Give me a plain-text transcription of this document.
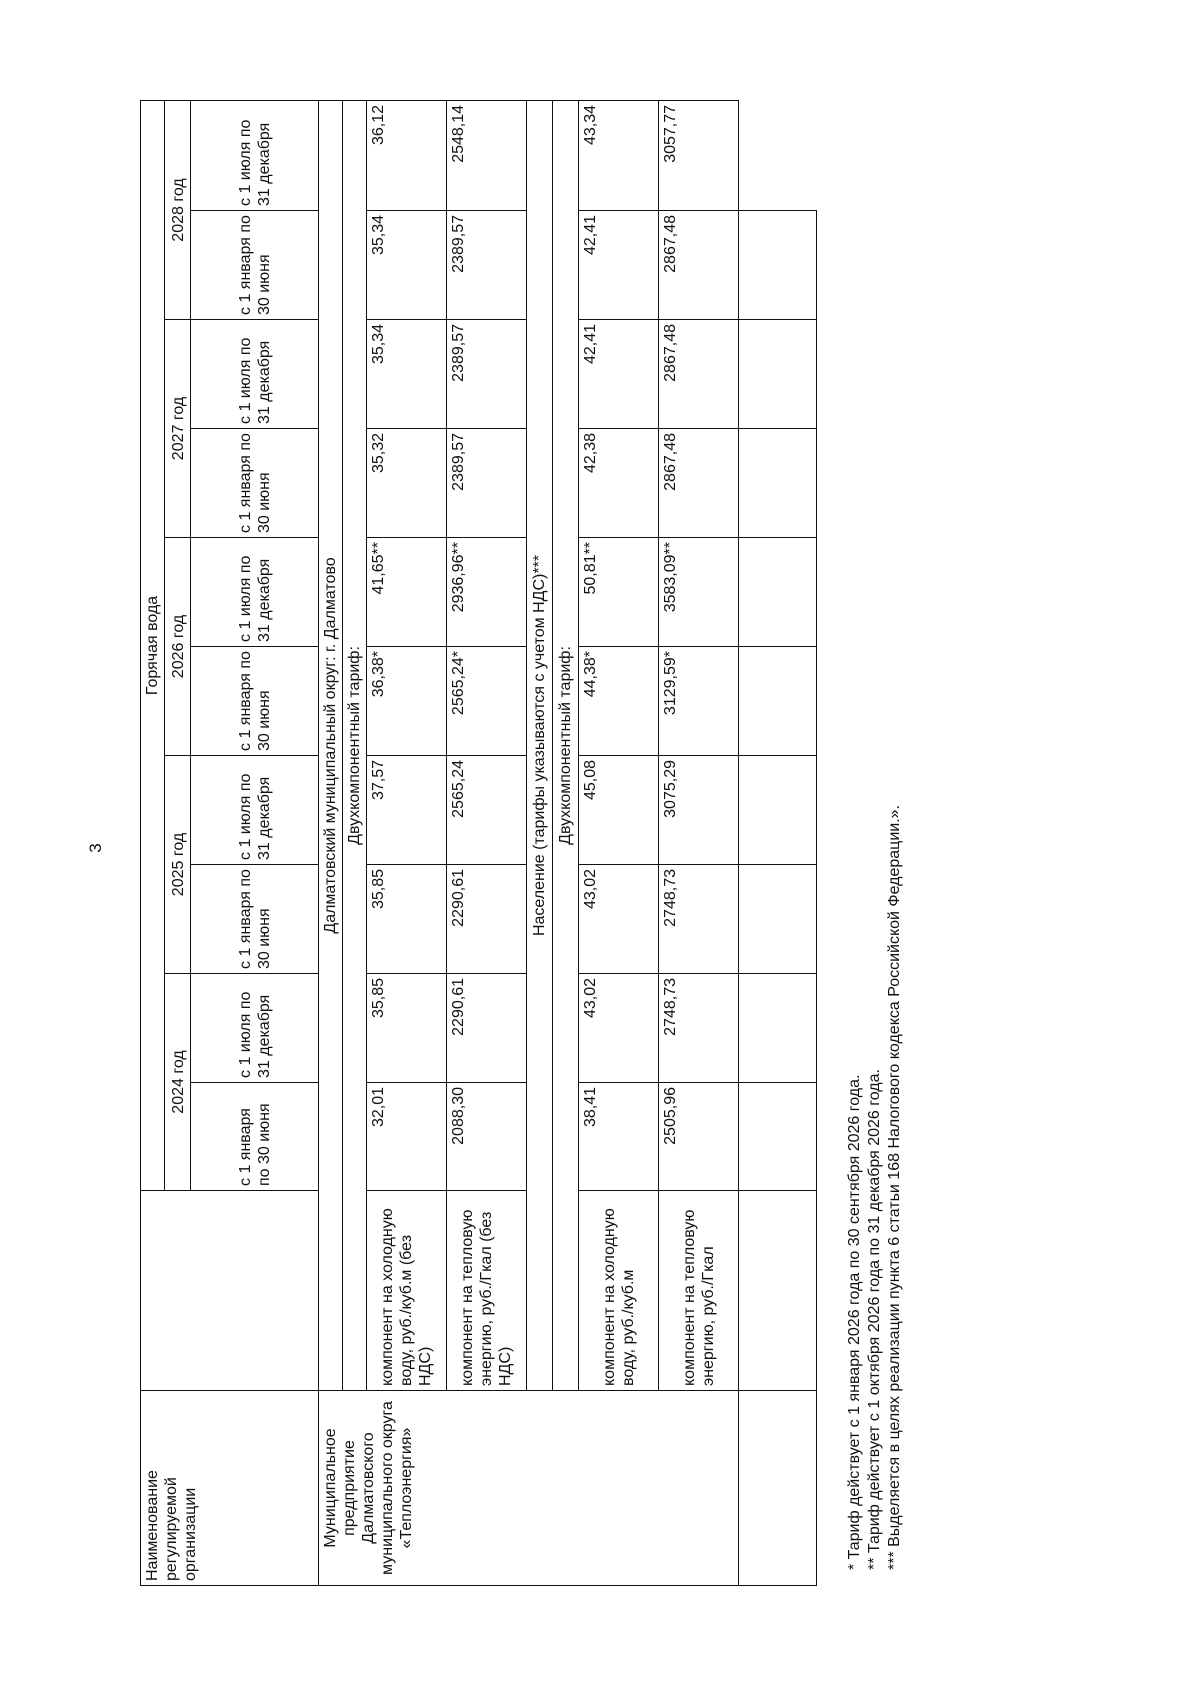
3
Наименование регулируемой организации		Горячая вода									
		2024 год		2025 год		2026 год		2027 год		2028 год	
		с 1 января по 30 июня	с 1 июля по 31 декабря	с 1 января по 30 июня	с 1 июля по 31 декабря	с 1 января по 30 июня	с 1 июля по 31 декабря	с 1 января по 30 июня	с 1 июля по 31 декабря	с 1 января по 30 июня	с 1 июля по 31 декабря
Муниципальное предприятие Далматовского муниципального округа «Теплоэнергия»	Далматовский муниципальный округ: г. Далматово										
	Двухкомпонентный тариф:										
	компонент на холодную воду, руб./куб.м (без НДС)	32,01	35,85	35,85	37,57	36,38*	41,65**	35,32	35,34	35,34	36,12
	компонент на тепловую энергию, руб./Гкал (без НДС)	2088,30	2290,61	2290,61	2565,24	2565,24*	2936,96**	2389,57	2389,57	2389,57	2548,14
	Население (тарифы указываются с учетом НДС)***										
	Двухкомпонентный тариф:										
	компонент на холодную воду, руб./куб.м	38,41	43,02	43,02	45,08	44,38*	50,81**	42,38	42,41	42,41	43,34
	компонент на тепловую энергию, руб./Гкал	2505,96	2748,73	2748,73	3075,29	3129,59*	3583,09**	2867,48	2867,48	2867,48	3057,77

* Тариф действует с 1 января 2026 года по 30 сентября 2026 года. ** Тариф действует с 1 октября 2026 года по 31 декабря 2026 года. *** Выделяется в целях реализации пункта 6 статьи 168 Налогового кодекса Российской Федерации.».
